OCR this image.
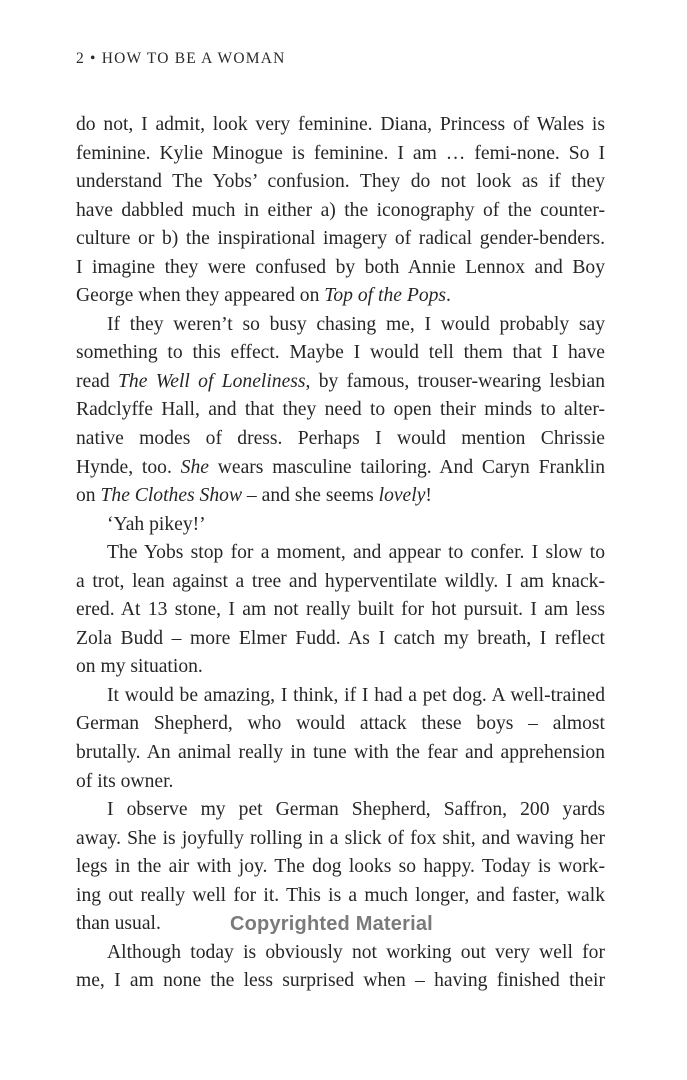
2 • HOW TO BE A WOMAN
do not, I admit, look very feminine. Diana, Princess of Wales is
feminine. Kylie Minogue is feminine. I am … femi-none. So I
understand The Yobs’ confusion. They do not look as if they
have dabbled much in either a) the iconography of the counter-
culture or b) the inspirational imagery of radical gender-benders.
I imagine they were confused by both Annie Lennox and Boy
George when they appeared on Top of the Pops.
If they weren’t so busy chasing me, I would probably say
something to this effect. Maybe I would tell them that I have
read The Well of Loneliness, by famous, trouser-wearing lesbian
Radclyffe Hall, and that they need to open their minds to alter-
native modes of dress. Perhaps I would mention Chrissie
Hynde, too. She wears masculine tailoring. And Caryn Franklin
on The Clothes Show – and she seems lovely!
‘Yah pikey!’
The Yobs stop for a moment, and appear to confer. I slow to
a trot, lean against a tree and hyperventilate wildly. I am knack-
ered. At 13 stone, I am not really built for hot pursuit. I am less
Zola Budd – more Elmer Fudd. As I catch my breath, I reflect
on my situation.
It would be amazing, I think, if I had a pet dog. A well-trained
German Shepherd, who would attack these boys – almost
brutally. An animal really in tune with the fear and apprehension
of its owner.
I observe my pet German Shepherd, Saffron, 200 yards
away. She is joyfully rolling in a slick of fox shit, and waving her
legs in the air with joy. The dog looks so happy. Today is work-
ing out really well for it. This is a much longer, and faster, walk
than usual.	Copyrighted Material
Although today is obviously not working out very well for
me, I am none the less surprised when – having finished their
